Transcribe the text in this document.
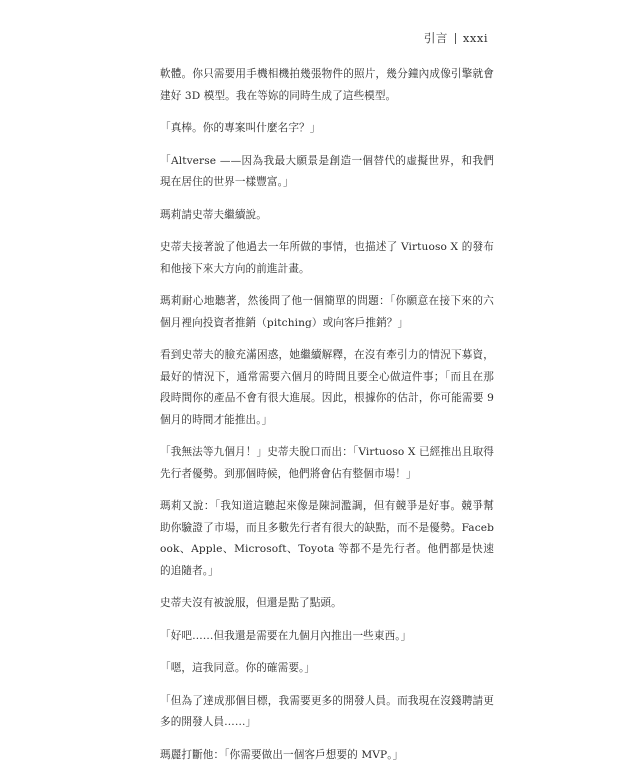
引言 xxxi

軟體。你只需要用手機相機拍幾張物件的照片，幾分鐘內成像引擎就會建好 3D 模型。我在等妳的同時生成了這些模型。

「真棒。你的專案叫什麼名字？」

「Altverse ——因為我最大願景是創造一個替代的虛擬世界，和我們現在居住的世界一樣豐富。」

瑪莉請史蒂夫繼續說。

史蒂夫接著說了他過去一年所做的事情，也描述了 Virtuoso X 的發布和他接下來大方向的前進計畫。

瑪莉耐心地聽著，然後問了他一個簡單的問題：「你願意在接下來的六個月裡向投資者推銷（pitching）或向客戶推銷？」

看到史蒂夫的臉充滿困惑，她繼續解釋，在沒有牽引力的情況下募資，最好的情況下，通常需要六個月的時間且要全心做這件事；「而且在那段時間你的產品不會有很大進展。因此，根據你的估計，你可能需要 9 個月的時間才能推出。」

「我無法等九個月！」史蒂夫脫口而出：「Virtuoso X 已經推出且取得先行者優勢。到那個時候，他們將會佔有整個市場！」

瑪莉又說：「我知道這聽起來像是陳詞濫調，但有競爭是好事。競爭幫助你驗證了市場，而且多數先行者有很大的缺點，而不是優勢。Facebook、Apple、Microsoft、Toyota 等都不是先行者。他們都是快速的追隨者。」

史蒂夫沒有被說服，但還是點了點頭。

「好吧……但我還是需要在九個月內推出一些東西。」

「嗯，這我同意。你的確需要。」

「但為了達成那個目標，我需要更多的開發人員。而我現在沒錢聘請更多的開發人員……」

瑪麗打斷他：「你需要做出一個客戶想要的 MVP。」
